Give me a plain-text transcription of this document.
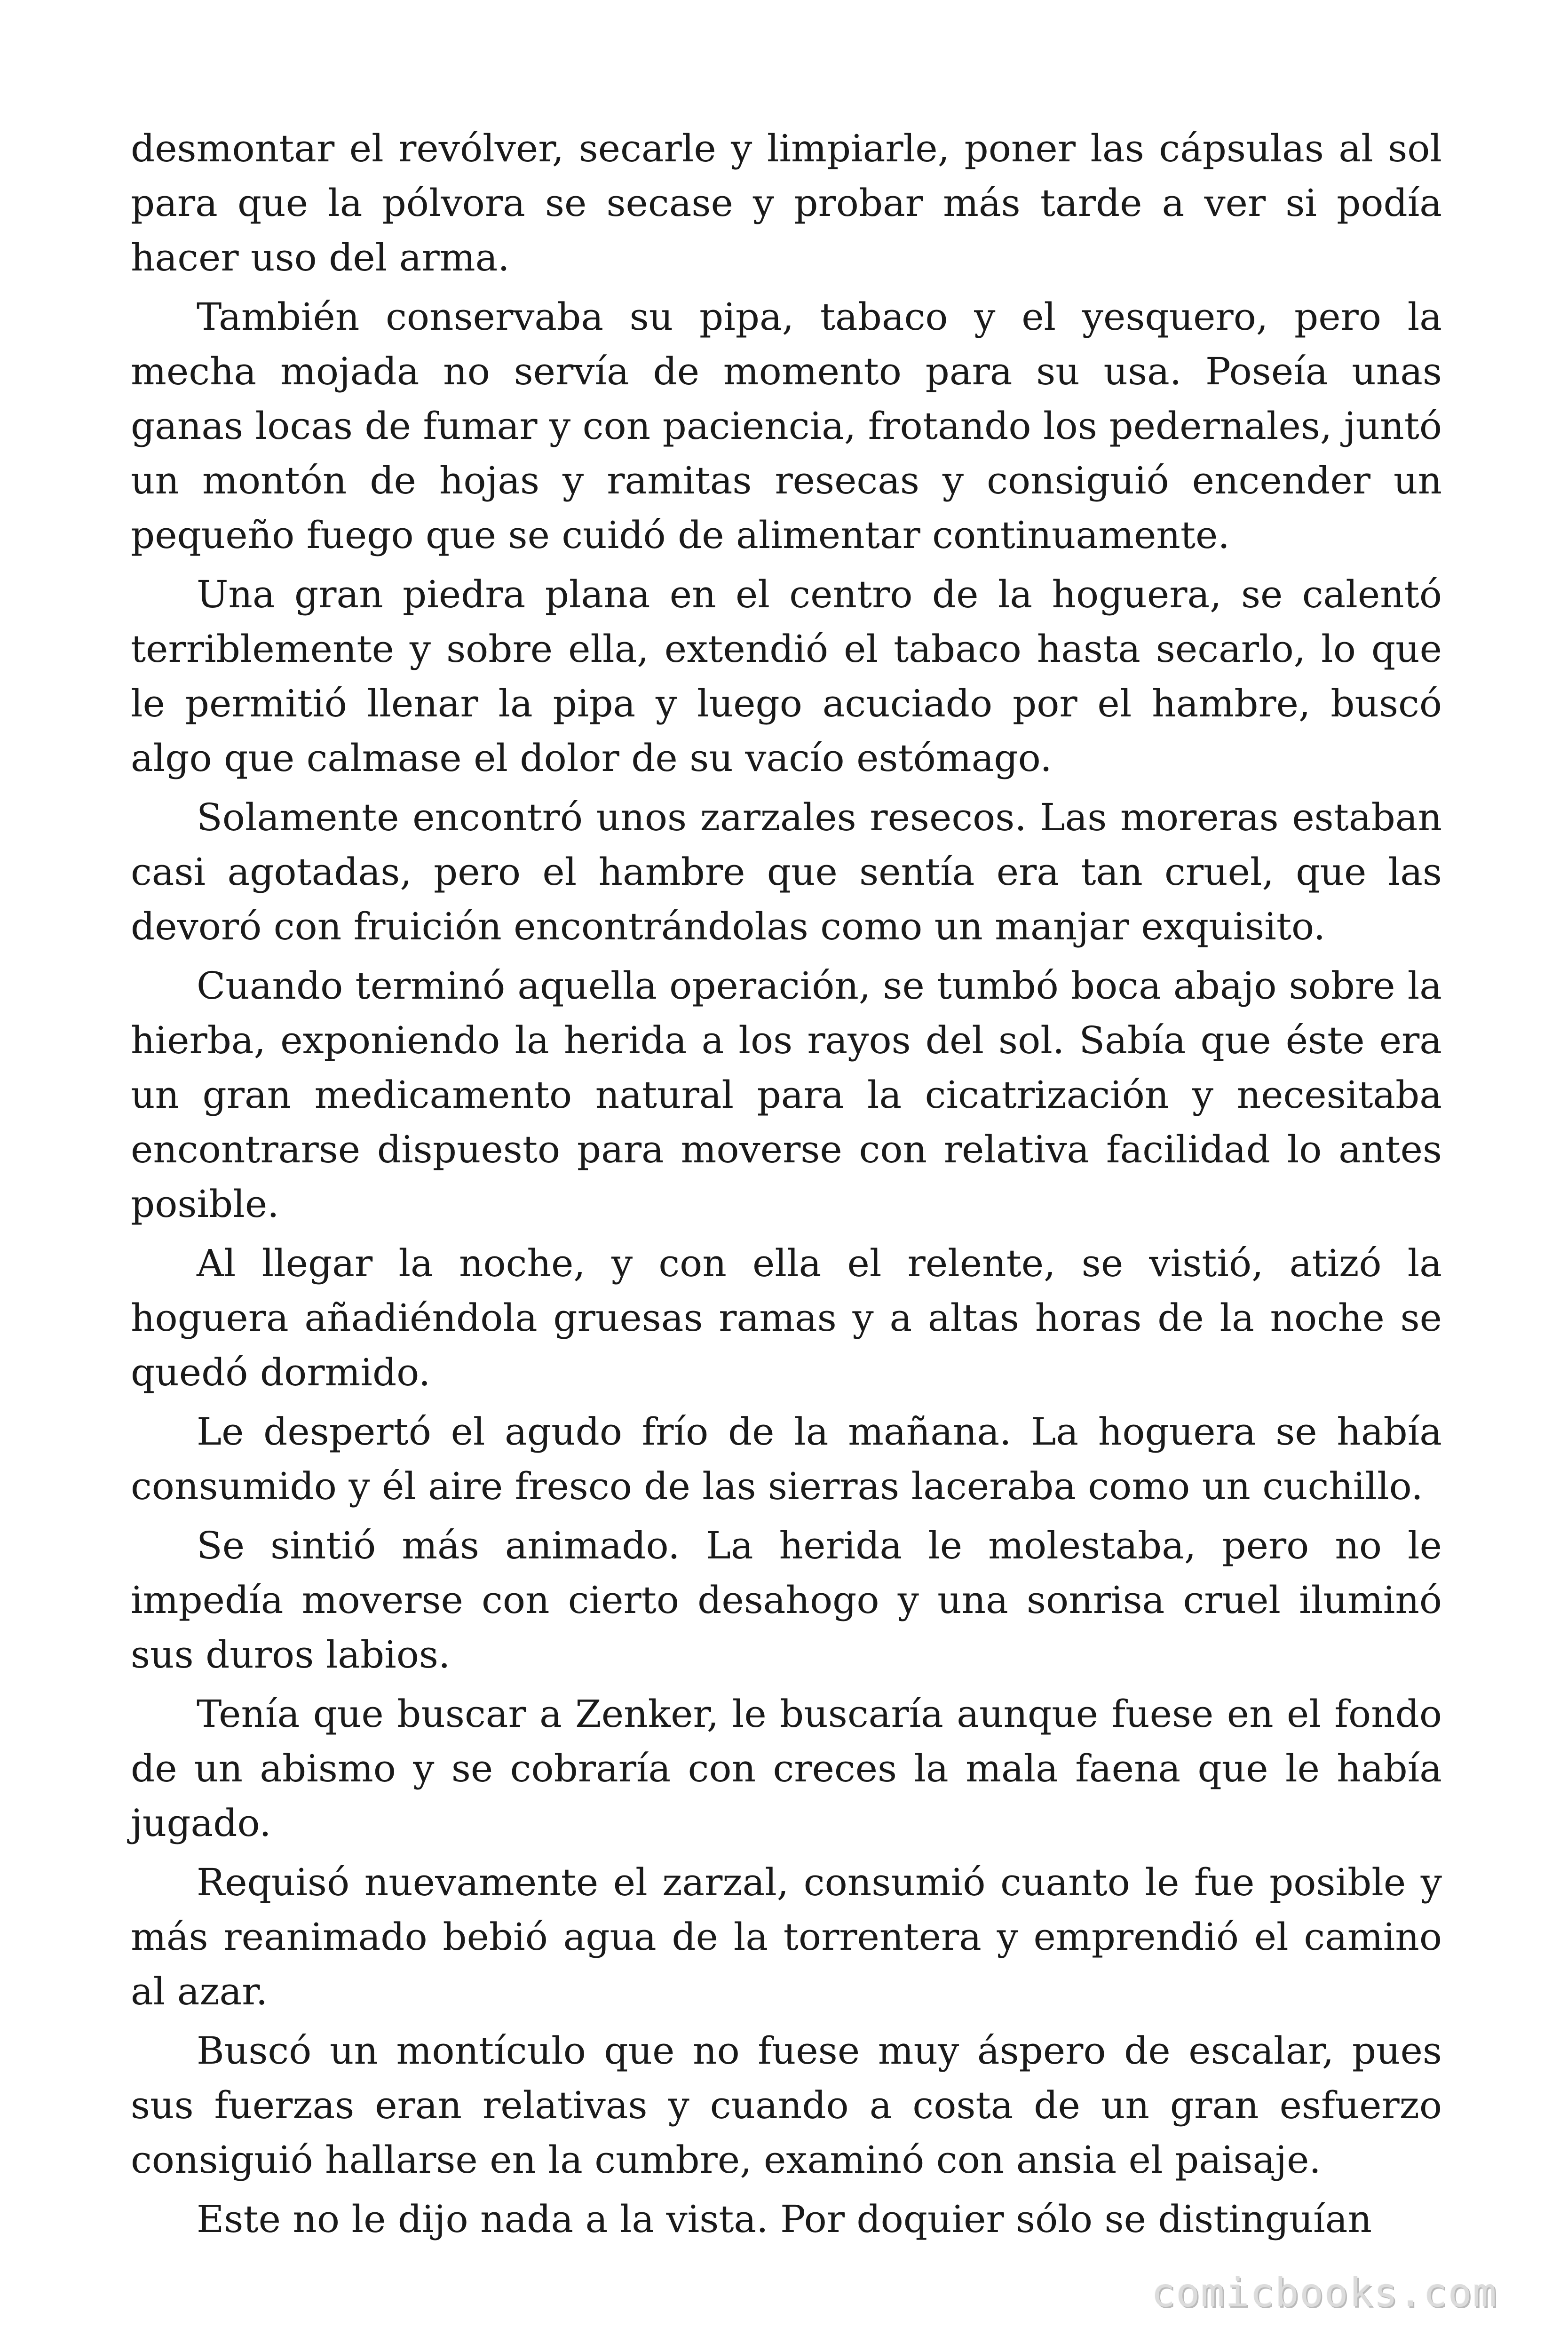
desmontar el revólver, secarle y limpiarle, poner las cápsulas al sol para que la pólvora se secase y probar más tarde a ver si podía hacer uso del arma.

También conservaba su pipa, tabaco y el yesquero, pero la mecha mojada no servía de momento para su usa. Poseía unas ganas locas de fumar y con paciencia, frotando los pedernales, juntó un montón de hojas y ramitas resecas y consiguió encender un pequeño fuego que se cuidó de alimentar continuamente.

Una gran piedra plana en el centro de la hoguera, se calentó terriblemente y sobre ella, extendió el tabaco hasta secarlo, lo que le permitió llenar la pipa y luego acuciado por el hambre, buscó algo que calmase el dolor de su vacío estómago.

Solamente encontró unos zarzales resecos. Las moreras estaban casi agotadas, pero el hambre que sentía era tan cruel, que las devoró con fruición encontrándolas como un manjar exquisito.

Cuando terminó aquella operación, se tumbó boca abajo sobre la hierba, exponiendo la herida a los rayos del sol. Sabía que éste era un gran medicamento natural para la cicatrización y necesitaba encontrarse dispuesto para moverse con relativa facilidad lo antes posible.

Al llegar la noche, y con ella el relente, se vistió, atizó la hoguera añadiéndola gruesas ramas y a altas horas de la noche se quedó dormido.

Le despertó el agudo frío de la mañana. La hoguera se había consumido y él aire fresco de las sierras laceraba como un cuchillo.

Se sintió más animado. La herida le molestaba, pero no le impedía moverse con cierto desahogo y una sonrisa cruel iluminó sus duros labios.

Tenía que buscar a Zenker, le buscaría aunque fuese en el fondo de un abismo y se cobraría con creces la mala faena que le había jugado.

Requisó nuevamente el zarzal, consumió cuanto le fue posible y más reanimado bebió agua de la torrentera y emprendió el camino al azar.

Buscó un montículo que no fuese muy áspero de escalar, pues sus fuerzas eran relativas y cuando a costa de un gran esfuerzo consiguió hallarse en la cumbre, examinó con ansia el paisaje.

Este no le dijo nada a la vista. Por doquier sólo se distinguían

comicbooks.com
